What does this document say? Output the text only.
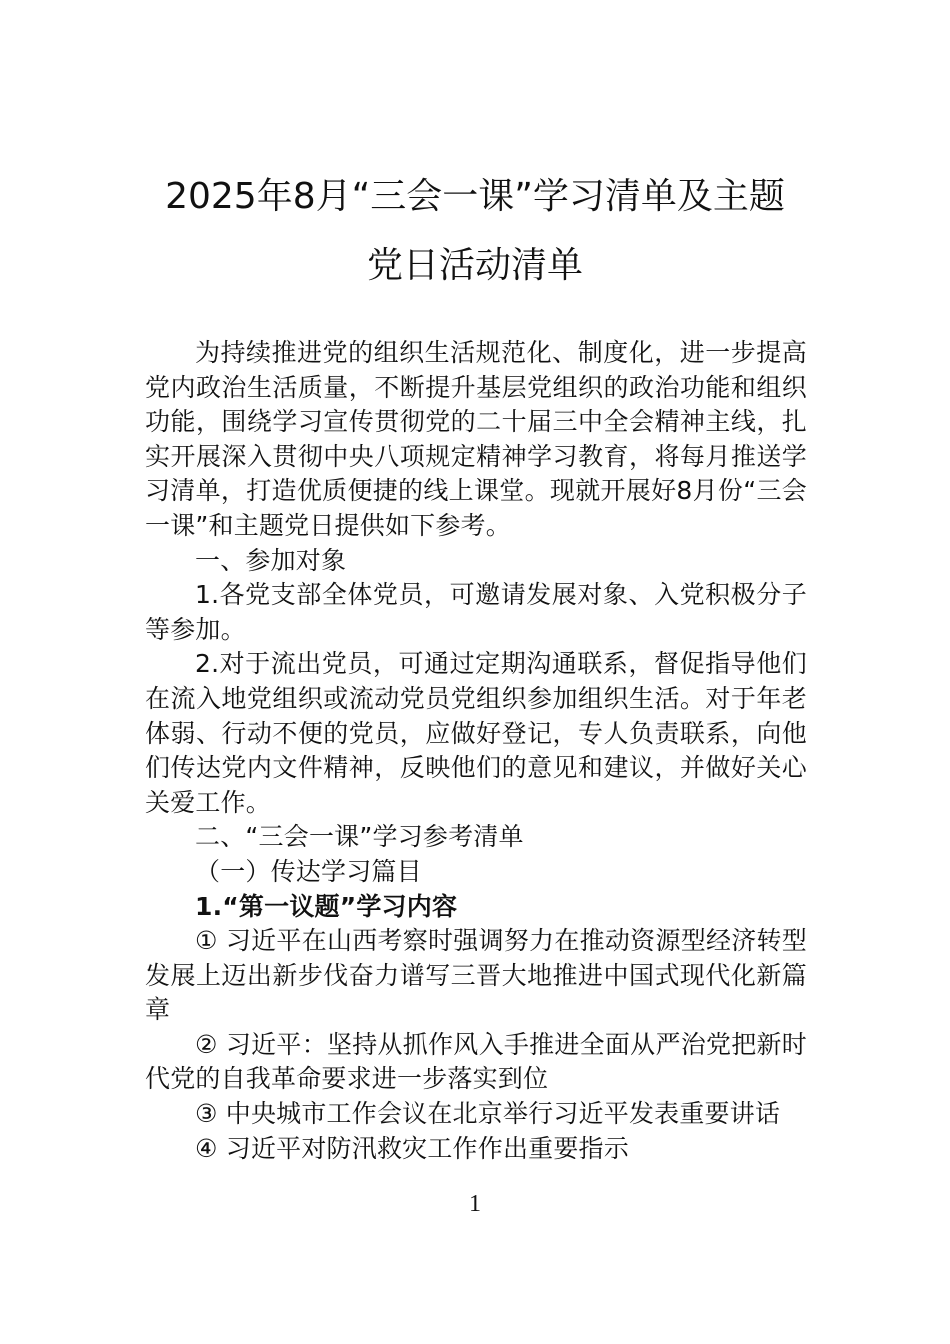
2025年8月“三会一课”学习清单及主题
党日活动清单

为持续推进党的组织生活规范化、制度化，进一步提高党内政治生活质量，不断提升基层党组织的政治功能和组织功能，围绕学习宣传贯彻党的二十届三中全会精神主线，扎实开展深入贯彻中央八项规定精神学习教育，将每月推送学习清单，打造优质便捷的线上课堂。现就开展好8月份“三会一课”和主题党日提供如下参考。

一、参加对象

1.各党支部全体党员，可邀请发展对象、入党积极分子等参加。

2.对于流出党员，可通过定期沟通联系，督促指导他们在流入地党组织或流动党员党组织参加组织生活。对于年老体弱、行动不便的党员，应做好登记，专人负责联系，向他们传达党内文件精神，反映他们的意见和建议，并做好关心关爱工作。

二、“三会一课”学习参考清单

（一）传达学习篇目

1.“第一议题”学习内容

① 习近平在山西考察时强调努力在推动资源型经济转型发展上迈出新步伐奋力谱写三晋大地推进中国式现代化新篇章

② 习近平：坚持从抓作风入手推进全面从严治党把新时代党的自我革命要求进一步落实到位

③ 中央城市工作会议在北京举行习近平发表重要讲话

④ 习近平对防汛救灾工作作出重要指示

1
